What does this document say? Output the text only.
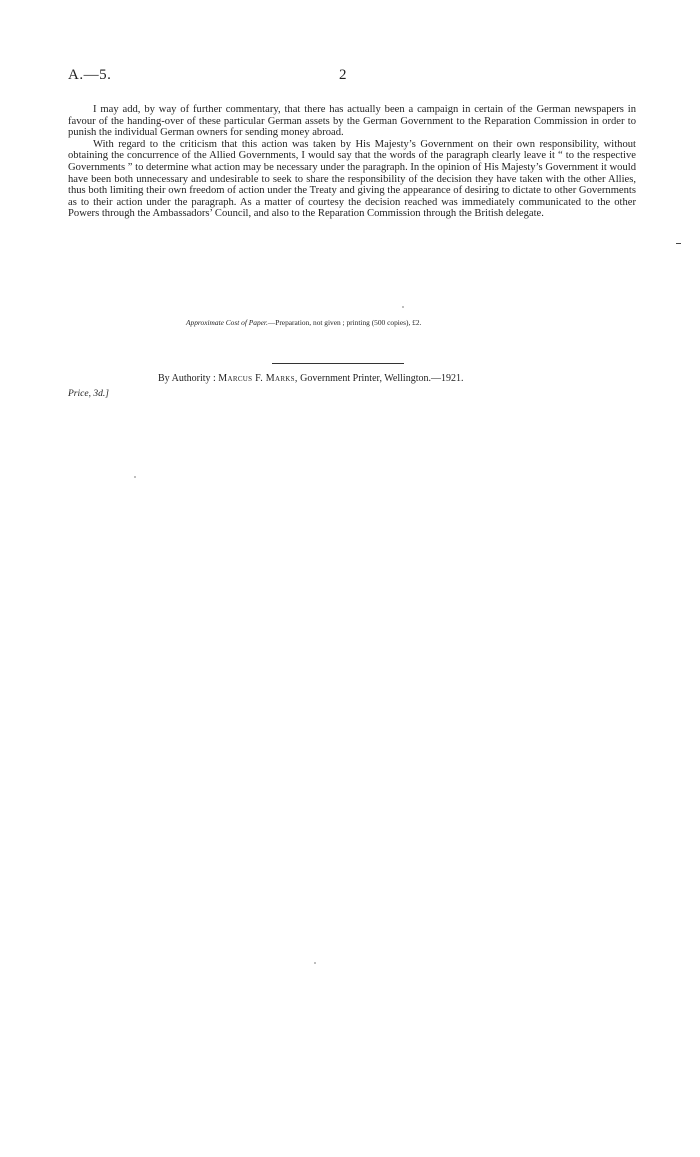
A.—5.	2

I may add, by way of further commentary, that there has actually been a campaign in certain of the German newspapers in favour of the handing-over of these particular German assets by the German Government to the Reparation Commission in order to punish the individual German owners for sending money abroad.

With regard to the criticism that this action was taken by His Majesty’s Government on their own responsibility, without obtaining the concurrence of the Allied Governments, I would say that the words of the paragraph clearly leave it “ to the respective Governments ” to determine what action may be necessary under the paragraph. In the opinion of His Majesty’s Government it would have been both unnecessary and undesirable to seek to share the responsibility of the decision they have taken with the other Allies, thus both limiting their own freedom of action under the Treaty and giving the appearance of desiring to dictate to other Governments as to their action under the paragraph. As a matter of courtesy the decision reached was immediately communicated to the other Powers through the Ambassadors’ Council, and also to the Reparation Commission through the British delegate.

Approximate Cost of Paper.—Preparation, not given ; printing (500 copies), £2.
By Authority : Marcus F. Marks, Government Printer, Wellington.—1921.
Price, 3d.]
